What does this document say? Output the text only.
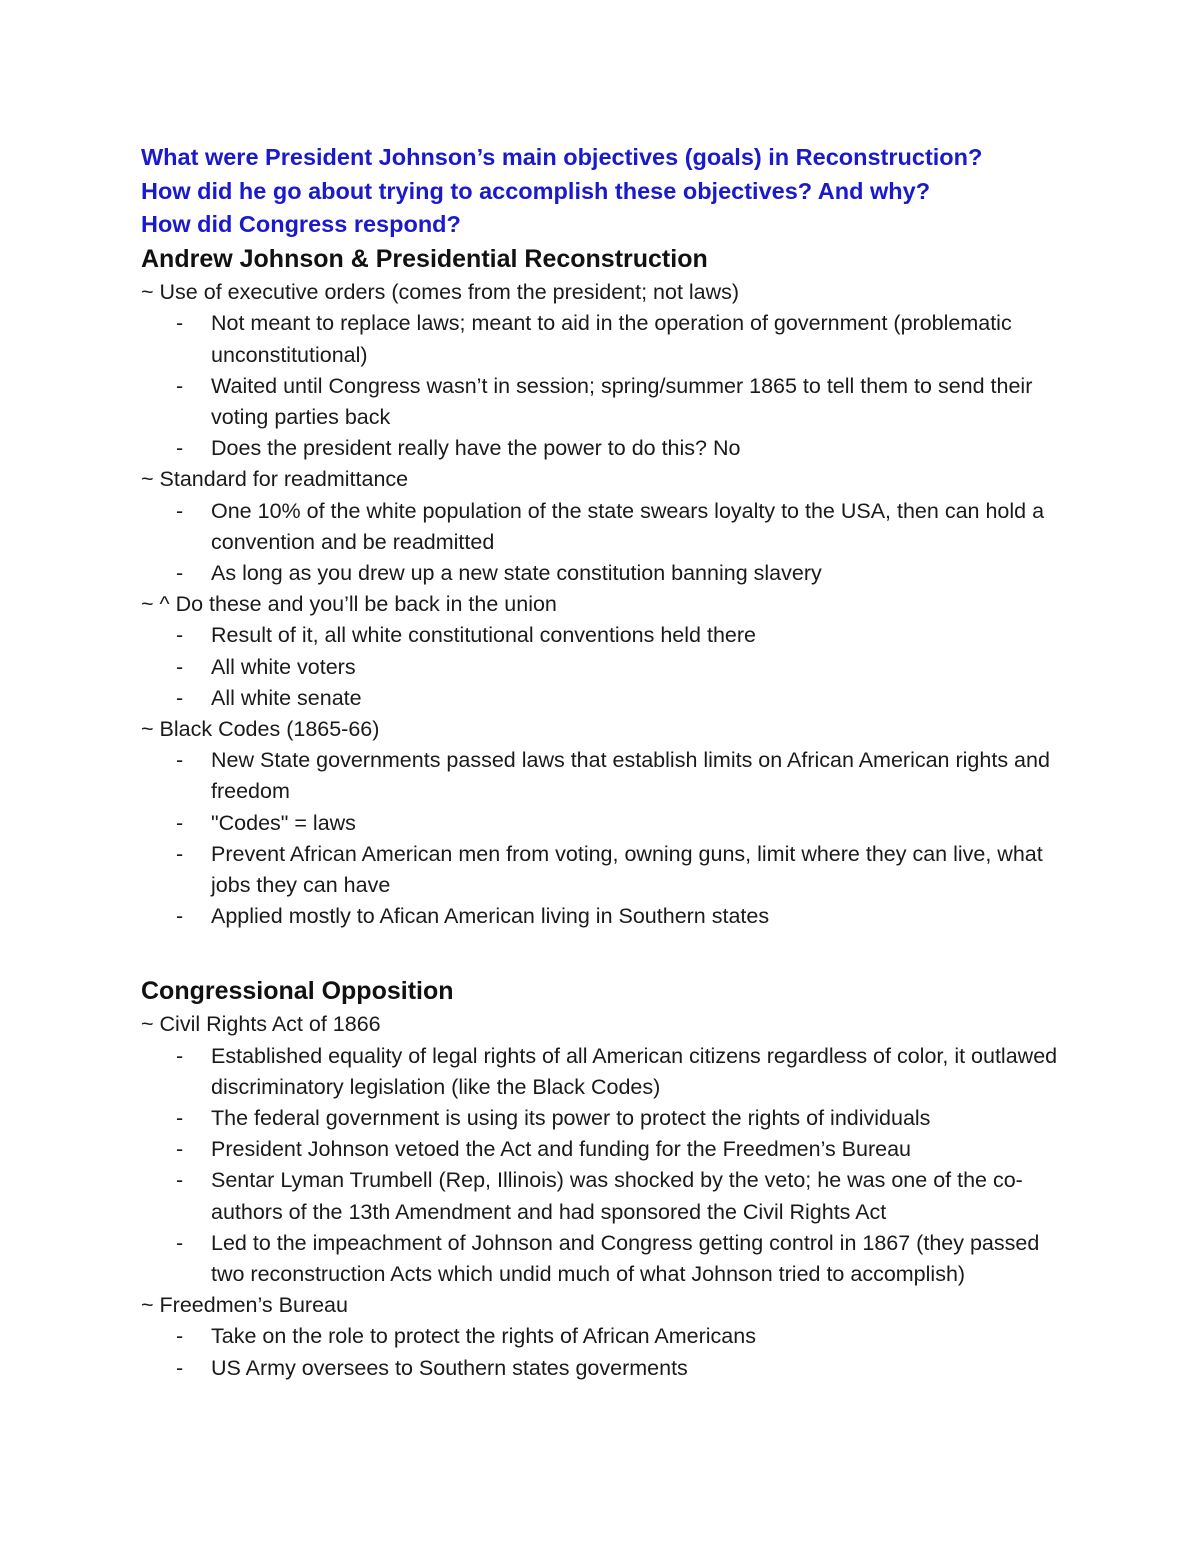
What were President Johnson’s main objectives (goals) in Reconstruction?

How did he go about trying to accomplish these objectives? And why?

How did Congress respond?

Andrew Johnson & Presidential Reconstruction

~ Use of executive orders (comes from the president; not laws)

- Not meant to replace laws; meant to aid in the operation of government (problematic unconstitutional)
- Waited until Congress wasn’t in session; spring/summer 1865 to tell them to send their voting parties back
- Does the president really have the power to do this? No

~ Standard for readmittance

- One 10% of the white population of the state swears loyalty to the USA, then can hold a convention and be readmitted
- As long as you drew up a new state constitution banning slavery

~ ^ Do these and you’ll be back in the union

- Result of it, all white constitutional conventions held there
- All white voters
- All white senate

~ Black Codes (1865-66)

- New State governments passed laws that establish limits on African American rights and freedom
- "Codes" = laws
- Prevent African American men from voting, owning guns, limit where they can live, what jobs they can have
- Applied mostly to Afican American living in Southern states
Congressional Opposition

~ Civil Rights Act of 1866

- Established equality of legal rights of all American citizens regardless of color, it outlawed discriminatory legislation (like the Black Codes)
- The federal government is using its power to protect the rights of individuals
- President Johnson vetoed the Act and funding for the Freedmen’s Bureau
- Sentar Lyman Trumbell (Rep, Illinois) was shocked by the veto; he was one of the co-authors of the 13th Amendment and had sponsored the Civil Rights Act
- Led to the impeachment of Johnson and Congress getting control in 1867 (they passed two reconstruction Acts which undid much of what Johnson tried to accomplish)

~ Freedmen’s Bureau

- Take on the role to protect the rights of African Americans
- US Army oversees to Southern states goverments
